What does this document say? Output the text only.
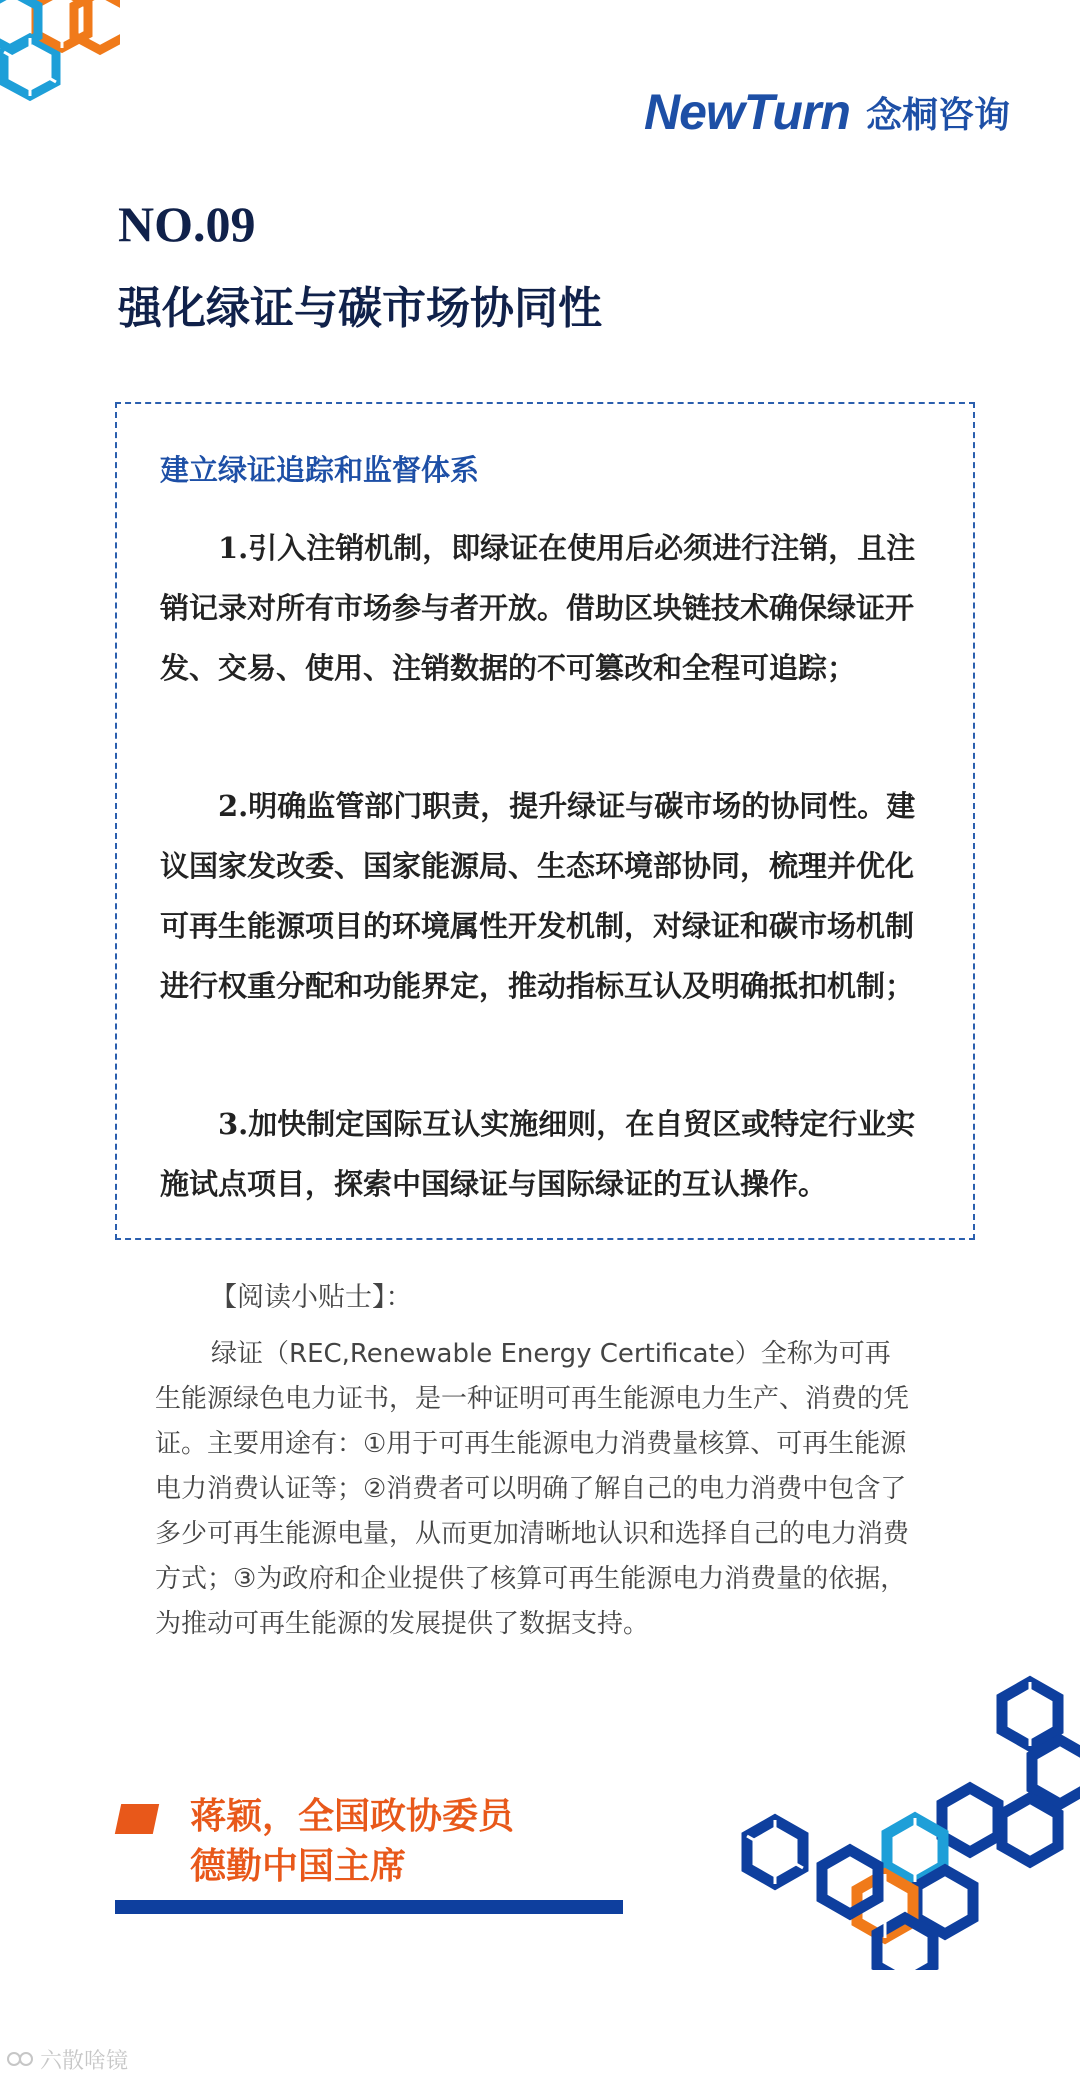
NewTurn 念桐咨询
NO.09
强化绿证与碳市场协同性
建立绿证追踪和监督体系
1.引入注销机制，即绿证在使用后必须进行注销，且注销记录对所有市场参与者开放。借助区块链技术确保绿证开发、交易、使用、注销数据的不可篡改和全程可追踪；
2.明确监管部门职责，提升绿证与碳市场的协同性。建议国家发改委、国家能源局、生态环境部协同，梳理并优化可再生能源项目的环境属性开发机制，对绿证和碳市场机制进行权重分配和功能界定，推动指标互认及明确抵扣机制；
3.加快制定国际互认实施细则，在自贸区或特定行业实施试点项目，探索中国绿证与国际绿证的互认操作。
【阅读小贴士】：
绿证（REC,Renewable Energy Certificate）全称为可再生能源绿色电力证书，是一种证明可再生能源电力生产、消费的凭证。主要用途有：①用于可再生能源电力消费量核算、可再生能源电力消费认证等；②消费者可以明确了解自己的电力消费中包含了多少可再生能源电量，从而更加清晰地认识和选择自己的电力消费方式；③为政府和企业提供了核算可再生能源电力消费量的依据，为推动可再生能源的发展提供了数据支持。
蒋颖，全国政协委员
德勤中国主席
六散啥镜
